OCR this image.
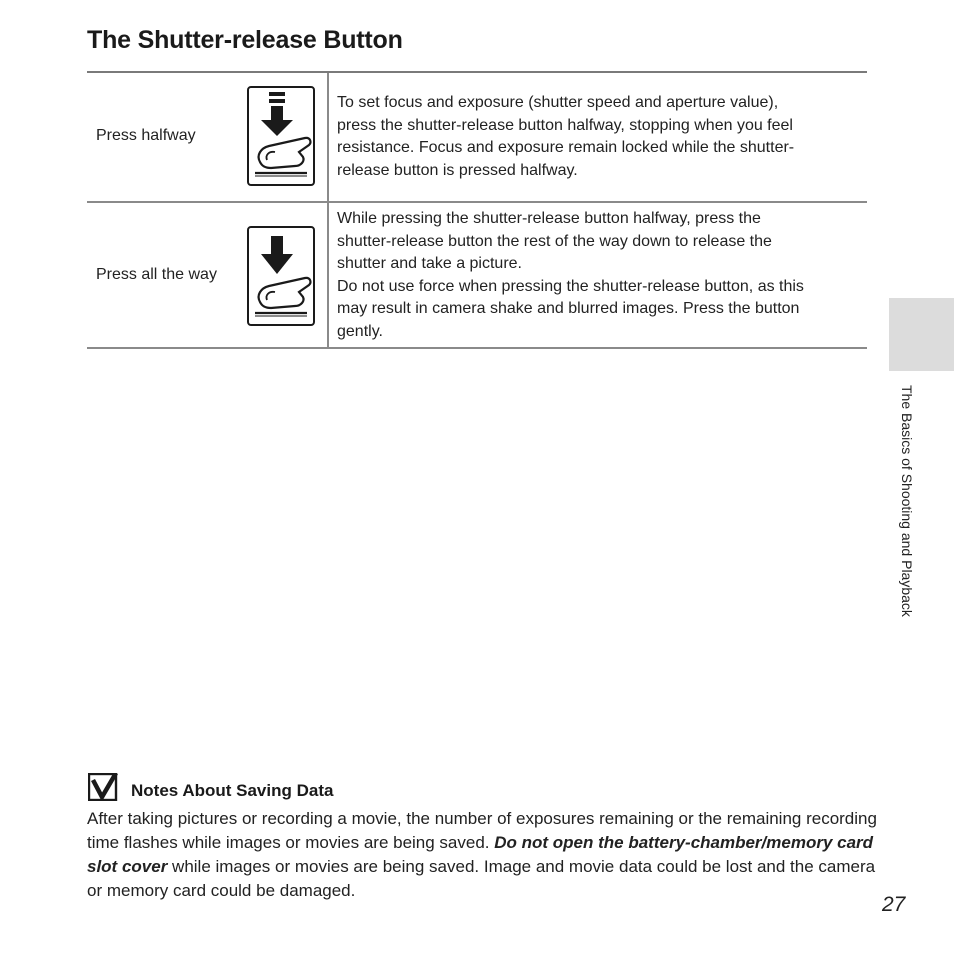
The Shutter-release Button
Press halfway

To set focus and exposure (shutter speed and aperture value),

press the shutter-release button halfway, stopping when you feel

resistance. Focus and exposure remain locked while the shutter-

release button is pressed halfway.

Press all the way

While pressing the shutter-release button halfway, press the

shutter-release button the rest of the way down to release the

shutter and take a picture.

Do not use force when pressing the shutter-release button, as this

may result in camera shake and blurred images. Press the button

gently.

The Basics of Shooting and Playback
Notes About Saving Data

After taking pictures or recording a movie, the number of exposures remaining or the remaining recording time flashes while images or movies are being saved. Do not open the battery-chamber/memory card slot cover while images or movies are being saved. Image and movie data could be lost and the camera or memory card could be damaged.

27
